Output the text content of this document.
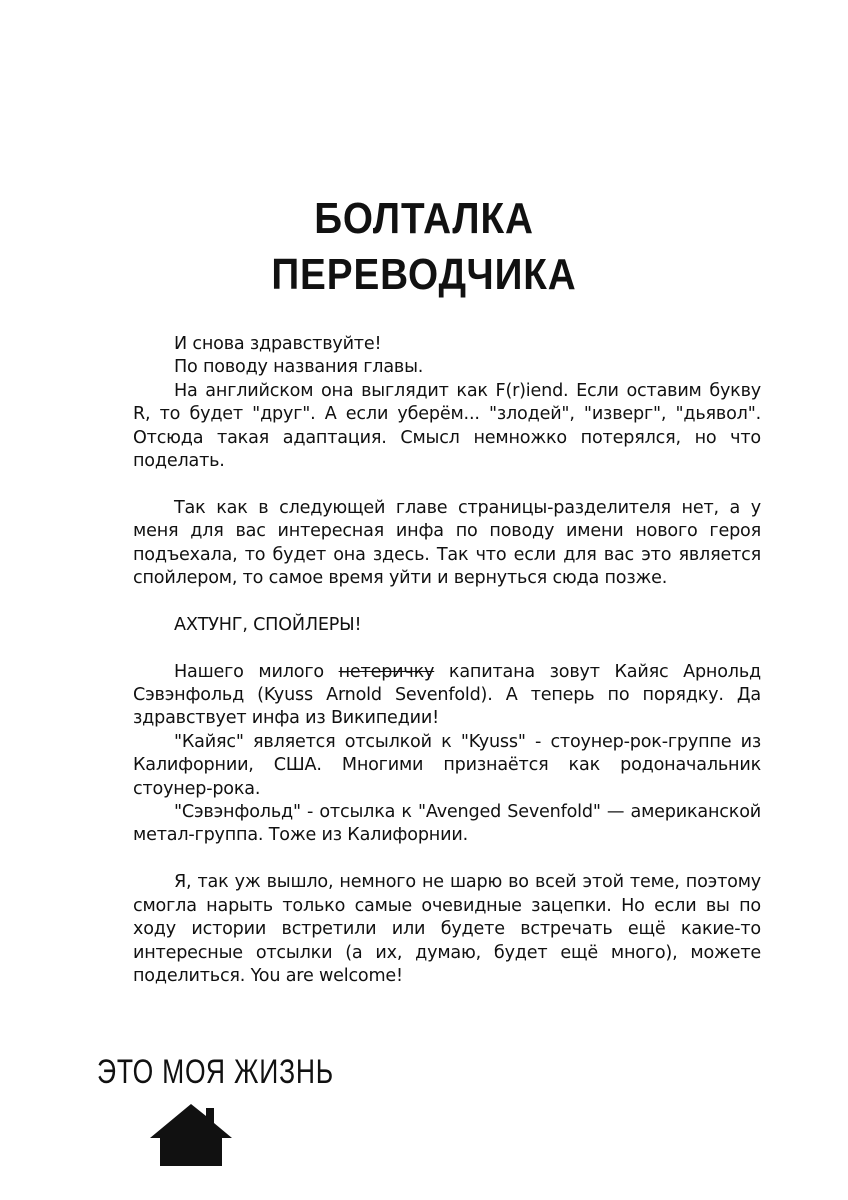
БОЛТАЛКА
ПЕРЕВОДЧИКА

И снова здравствуйте!

По поводу названия главы.

На английском она выглядит как F(r)iend. Если оставим букву R, то будет "друг". А если уберём... "злодей", "изверг", "дьявол". Отсюда такая адаптация. Смысл немножко потерялся, но что поделать.

Так как в следующей главе страницы-разделителя нет, а у меня для вас интересная инфа по поводу имени нового героя подъехала, то будет она здесь. Так что если для вас это является спойлером, то самое время уйти и вернуться сюда позже.

АХТУНГ, СПОЙЛЕРЫ!

Нашего милого нетеричку капитана зовут Кайяс Арнольд Сэвэнфольд (Kyuss Arnold Sevenfold). А теперь по порядку. Да здравствует инфа из Википедии!

"Кайяс" является отсылкой к "Kyuss" - стоунер-рок-группе из Калифорнии, США. Многими признаётся как родоначальник стоунер-рока.

"Сэвэнфольд" - отсылка к "Avenged Sevenfold" — американской метал-группа. Тоже из Калифорнии.

Я, так уж вышло, немного не шарю во всей этой теме, поэтому смогла нарыть только самые очевидные зацепки. Но если вы по ходу истории встретили или будете встречать ещё какие-то интересные отсылки (а их, думаю, будет ещё много), можете поделиться. You are welcome!

ЭТО МОЯ ЖИЗНЬ
